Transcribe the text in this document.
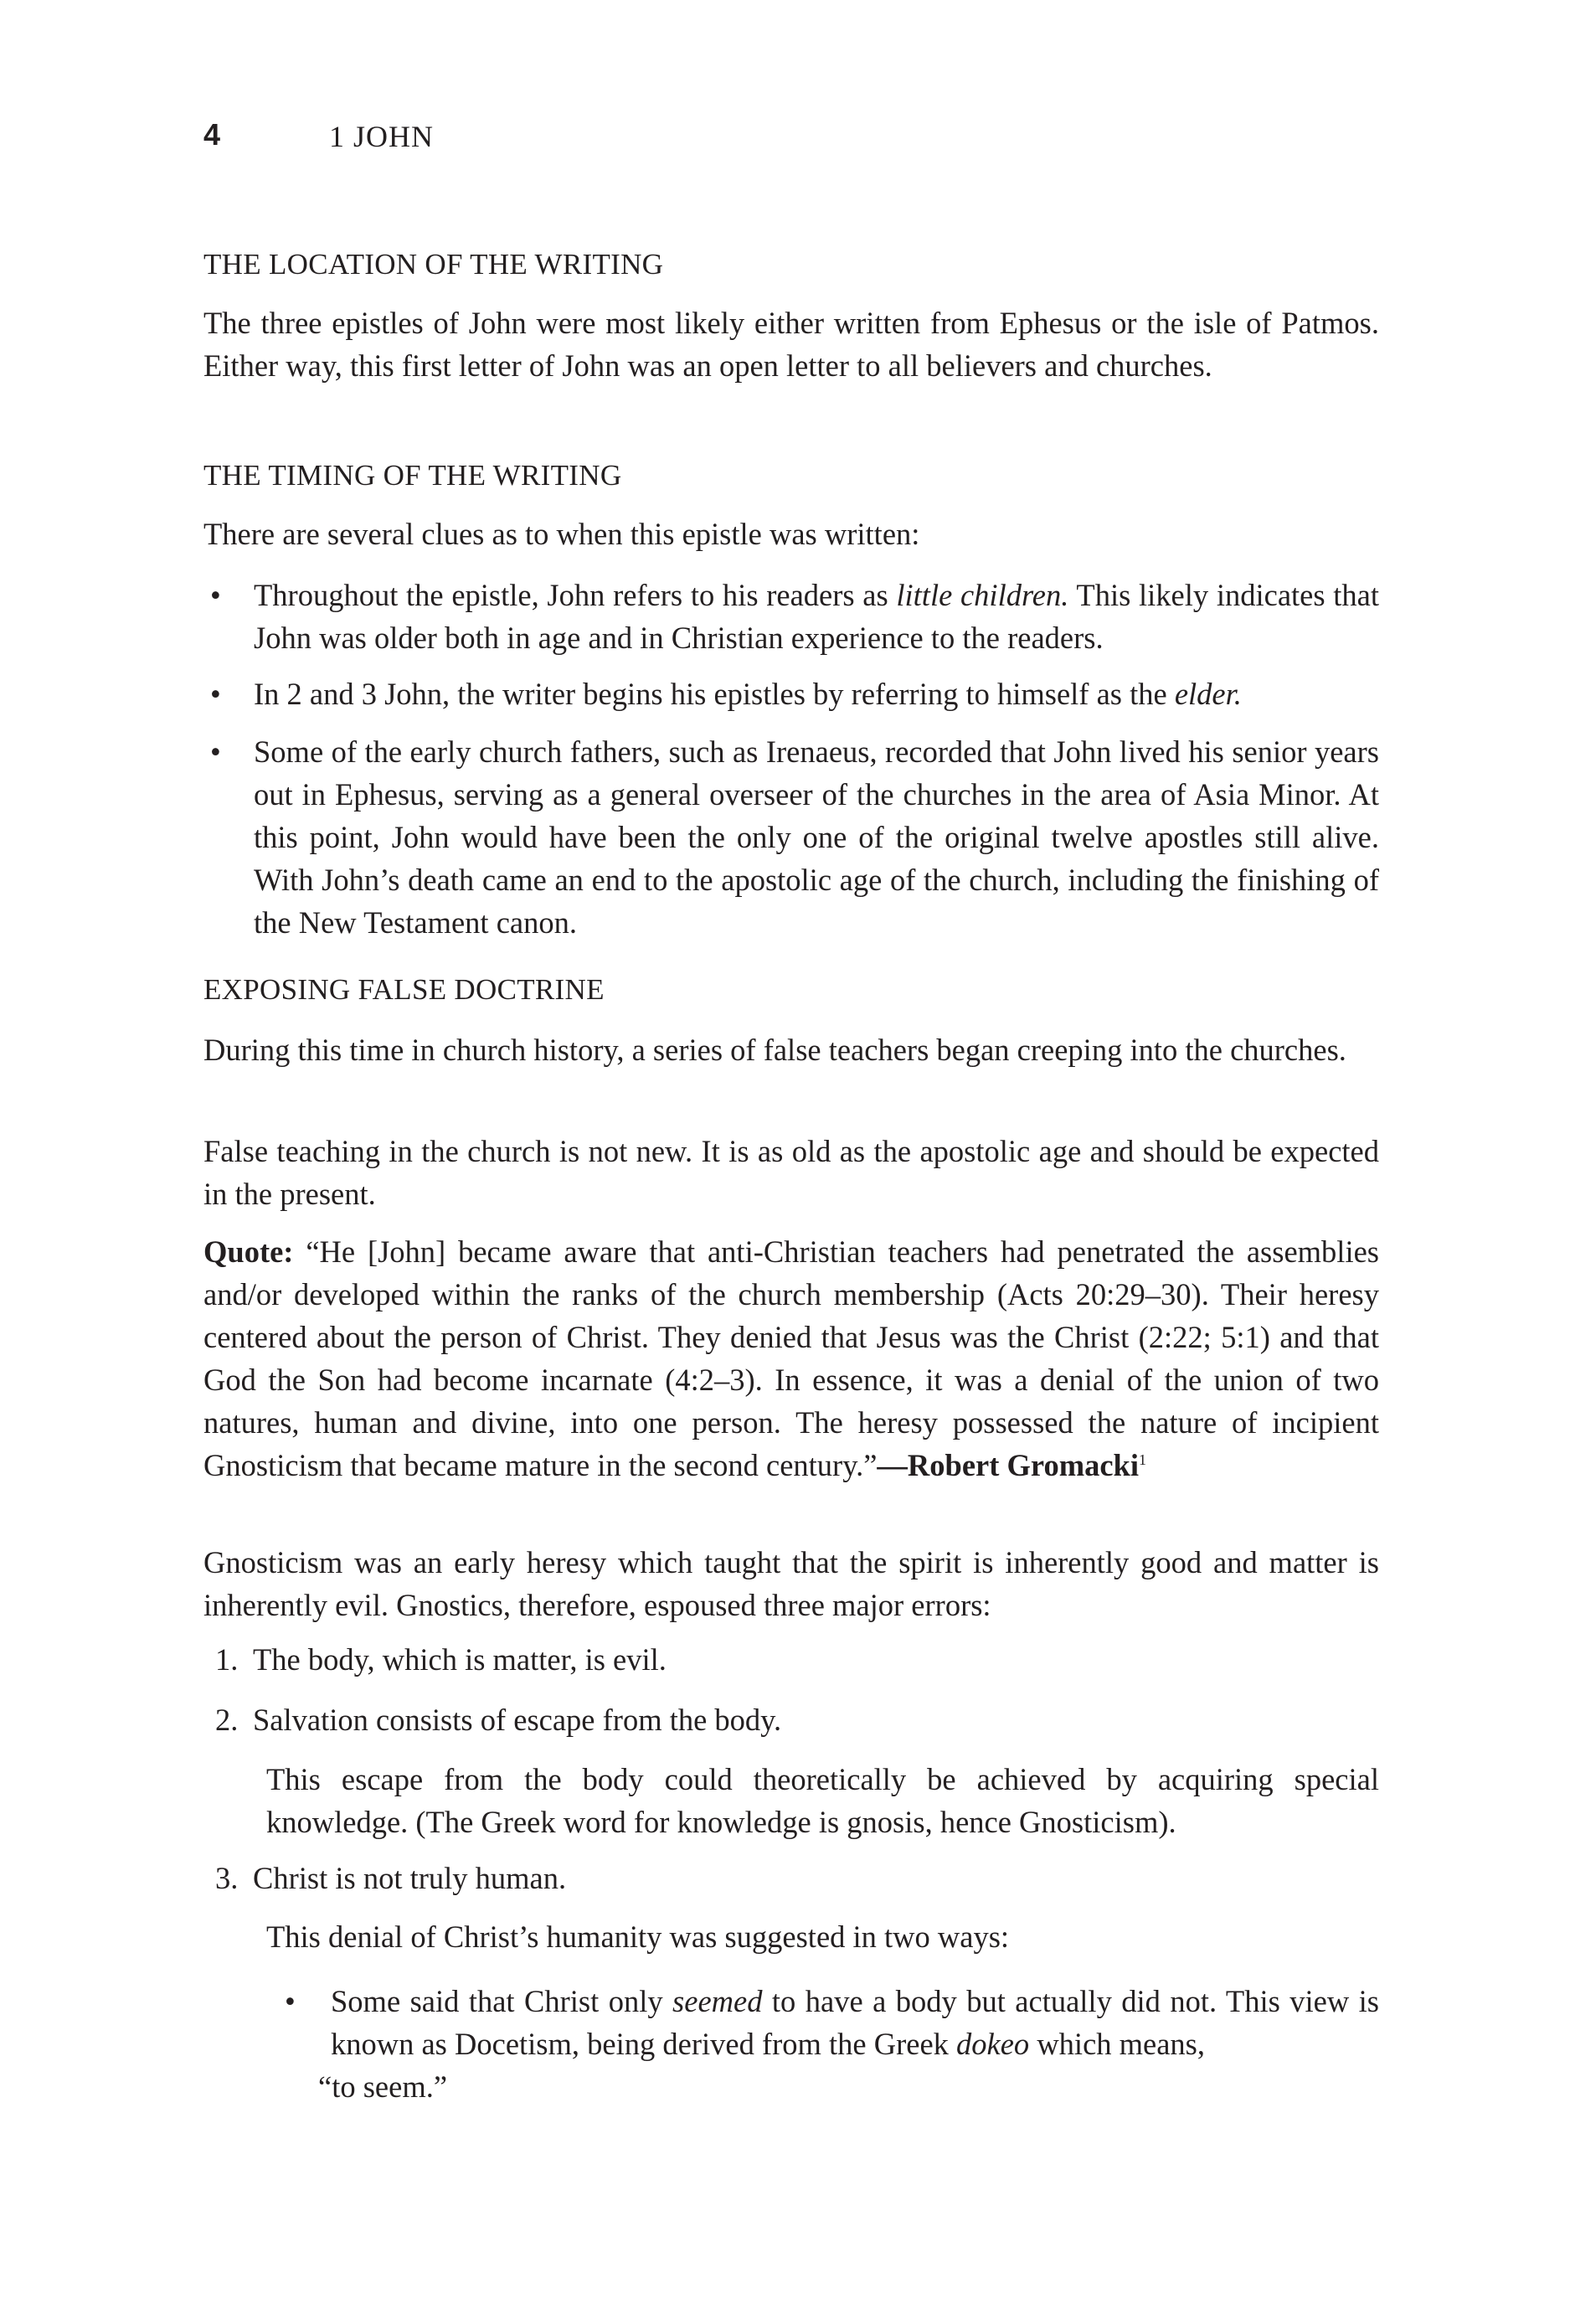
4	1 JOHN
THE LOCATION OF THE WRITING
The three epistles of John were most likely either written from Ephesus or the isle of Patmos. Either way, this first letter of John was an open letter to all believers and churches.
THE TIMING OF THE WRITING
There are several clues as to when this epistle was written:
• Throughout the epistle, John refers to his readers as little children. This likely indicates that John was older both in age and in Christian experience to the readers.
• In 2 and 3 John, the writer begins his epistles by referring to himself as the elder.
• Some of the early church fathers, such as Irenaeus, recorded that John lived his senior years out in Ephesus, serving as a general overseer of the churches in the area of Asia Minor. At this point, John would have been the only one of the original twelve apostles still alive. With John’s death came an end to the apostolic age of the church, including the finishing of the New Testament canon.
EXPOSING FALSE DOCTRINE
During this time in church history, a series of false teachers began creeping into the churches.
False teaching in the church is not new. It is as old as the apostolic age and should be expected in the present.
Quote: “He [John] became aware that anti-Christian teachers had penetrated the assemblies and/or developed within the ranks of the church membership (Acts 20:29–30). Their heresy centered about the person of Christ. They denied that Jesus was the Christ (2:22; 5:1) and that God the Son had become incarnate (4:2–3). In essence, it was a denial of the union of two natures, human and divine, into one person. The heresy possessed the nature of incipient Gnosticism that became mature in the second century.”—Robert Gromacki$^1$
Gnosticism was an early heresy which taught that the spirit is inherently good and matter is inherently evil. Gnostics, therefore, espoused three major errors:
1. The body, which is matter, is evil.
2. Salvation consists of escape from the body.
This escape from the body could theoretically be achieved by acquiring special knowledge. (The Greek word for knowledge is gnosis, hence Gnosticism).
3. Christ is not truly human.
This denial of Christ’s humanity was suggested in two ways:
• Some said that Christ only seemed to have a body but actually did not. This view is known as Docetism, being derived from the Greek dokeo which means,
“to seem.”
